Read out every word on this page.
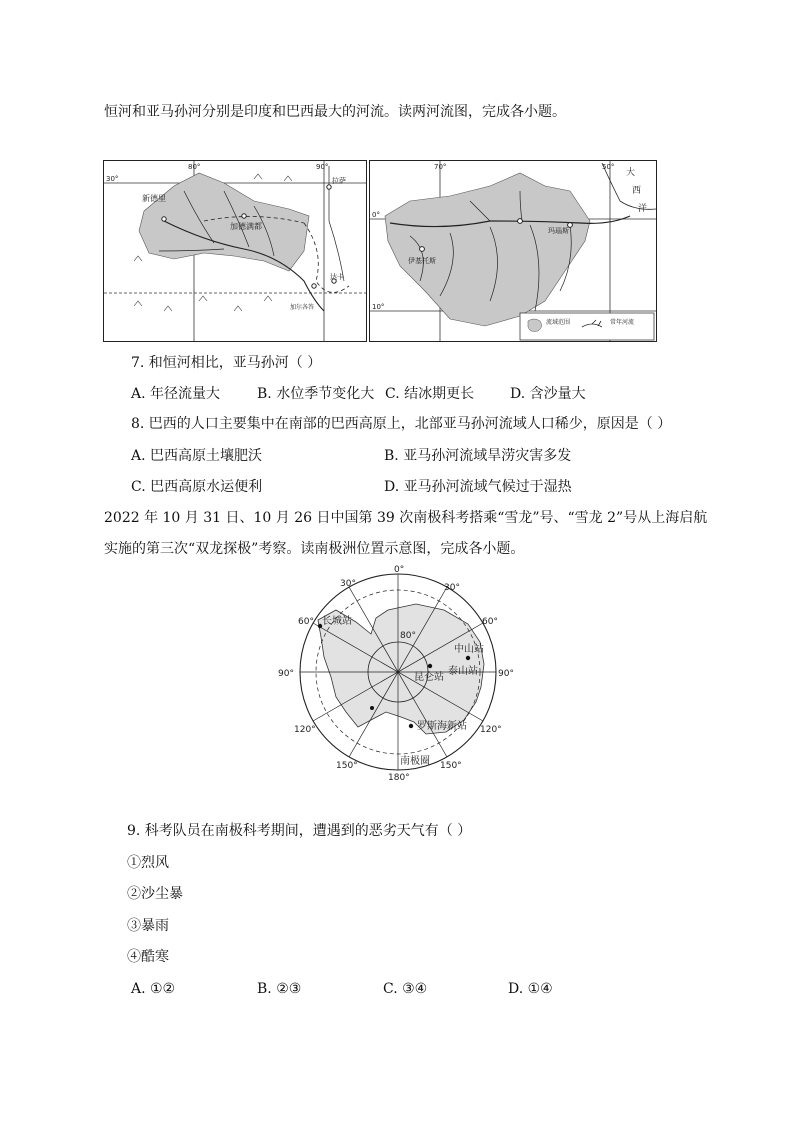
恒河和亚马孙河分别是印度和巴西最大的河流。读两河流图，完成各小题。
30°
80°	90°
新德里
加德满都
拉萨
达卡
加尔各答
70°	50°
0°
10°
大
西
洋
玛瑙斯
伊基托斯
流域范围	常年河流
7. 和恒河相比，亚马孙河（ ）
A. 年径流量大	B. 水位季节变化大 C. 结冰期更长	D. 含沙量大
8. 巴西的人口主要集中在南部的巴西高原上，北部亚马孙河流域人口稀少，原因是（ ）
A. 巴西高原土壤肥沃	B. 亚马孙河流域旱涝灾害多发
C. 巴西高原水运便利	D. 亚马孙河流域气候过于湿热
2022 年 10 月 31 日、10 月 26 日中国第 39 次南极科考搭乘“雪龙”号、“雪龙 2”号从上海启航
实施的第三次“双龙探极”考察。读南极洲位置示意图，完成各小题。
0°
30°	30°
60°	60°
90°	90°
120°	120°
150°	150°
180°
80°
长城站
中山站
泰山站
昆仑站
罗斯海新站
南极圈
9. 科考队员在南极科考期间，遭遇到的恶劣天气有（ ）
①烈风
②沙尘暴
③暴雨
④酷寒
A. ①②	B. ②③	C. ③④	D. ①④
